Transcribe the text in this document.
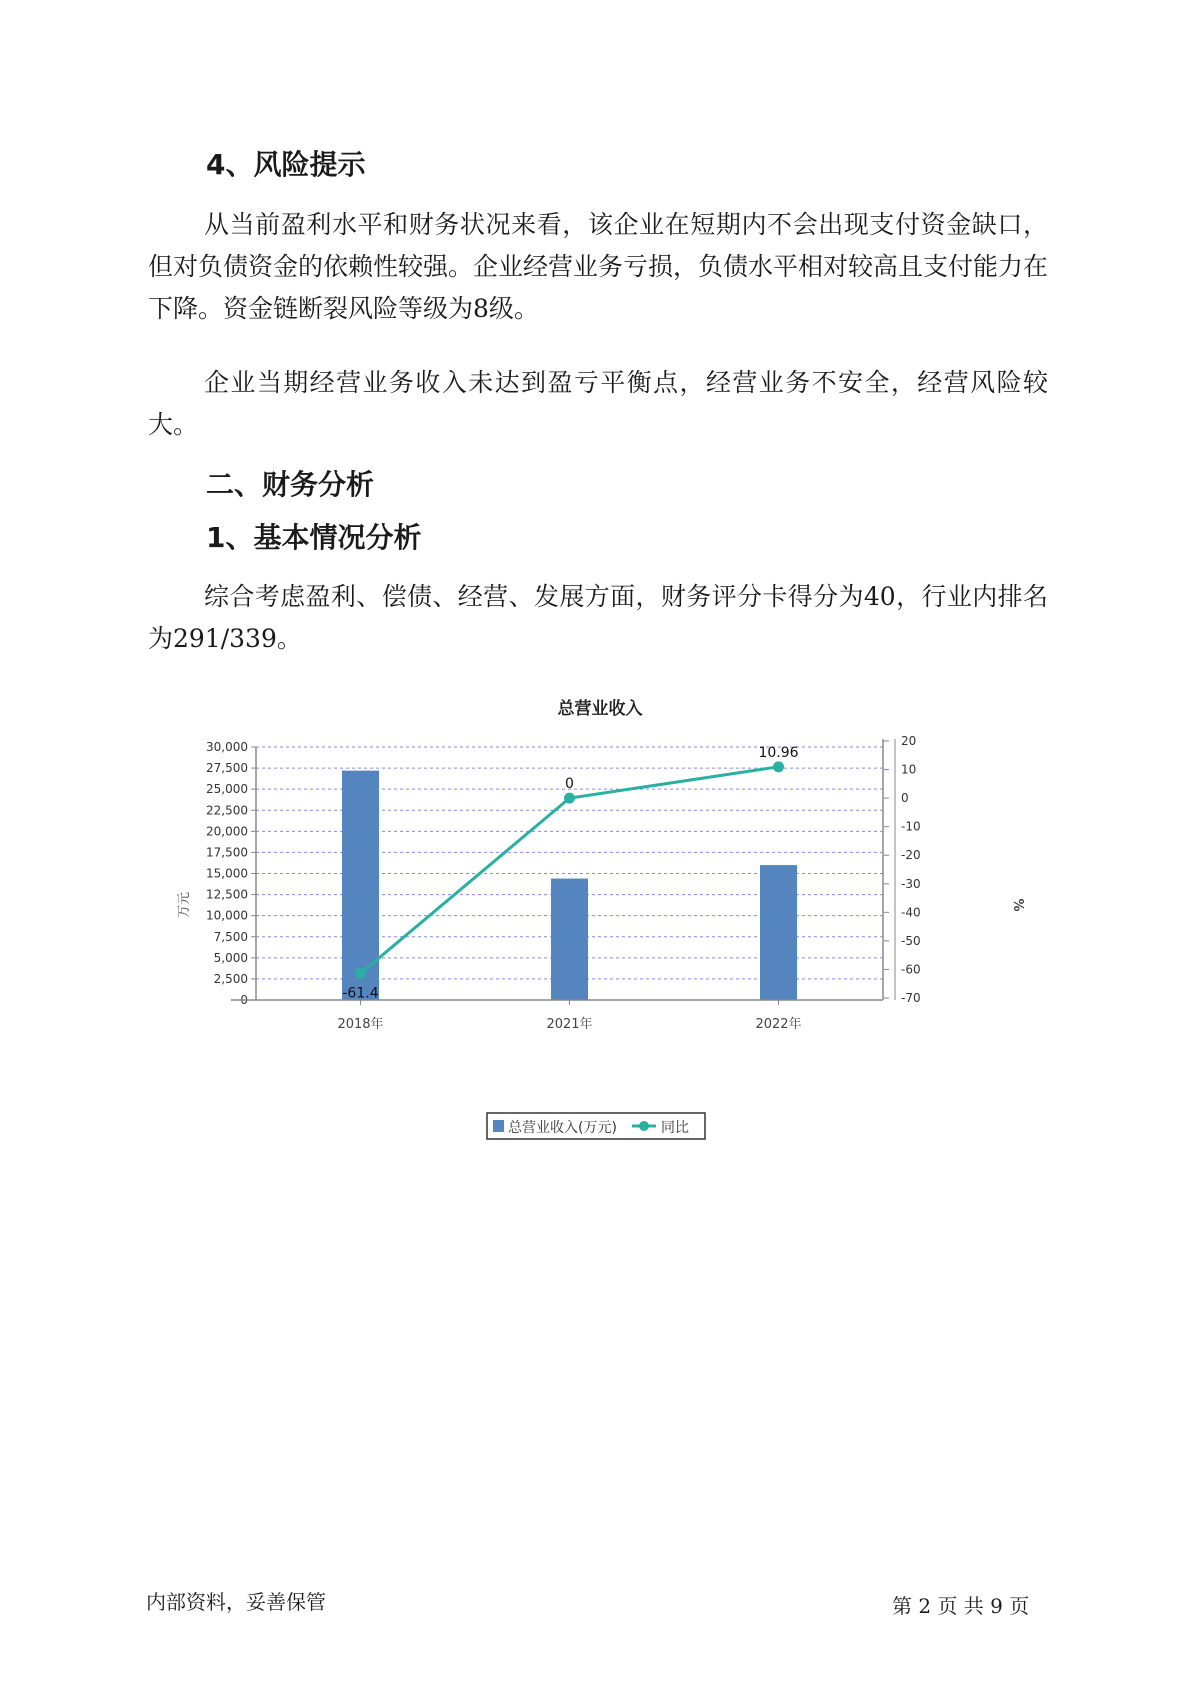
4、风险提示

从当前盈利水平和财务状况来看，该企业在短期内不会出现支付资金缺口，但对负债资金的依赖性较强。企业经营业务亏损，负债水平相对较高且支付能力在下降。资金链断裂风险等级为8级。

企业当期经营业务收入未达到盈亏平衡点，经营业务不安全，经营风险较大。

二、财务分析
1、基本情况分析

综合考虑盈利、偿债、经营、发展方面，财务评分卡得分为40，行业内排名为291/339。

总营业收入
-61.4
0
10.96
0
2,500
5,000
7,500
10,000
12,500
15,000
17,500
20,000
22,500
25,000
27,500
30,000	20
10
0
-10
-20
-30
-40
-50
-60
-70
2018年	2021年	2022年
万元	%
总营业收入(万元)	同比
内部资料，妥善保管	第 2 页 共 9 页
